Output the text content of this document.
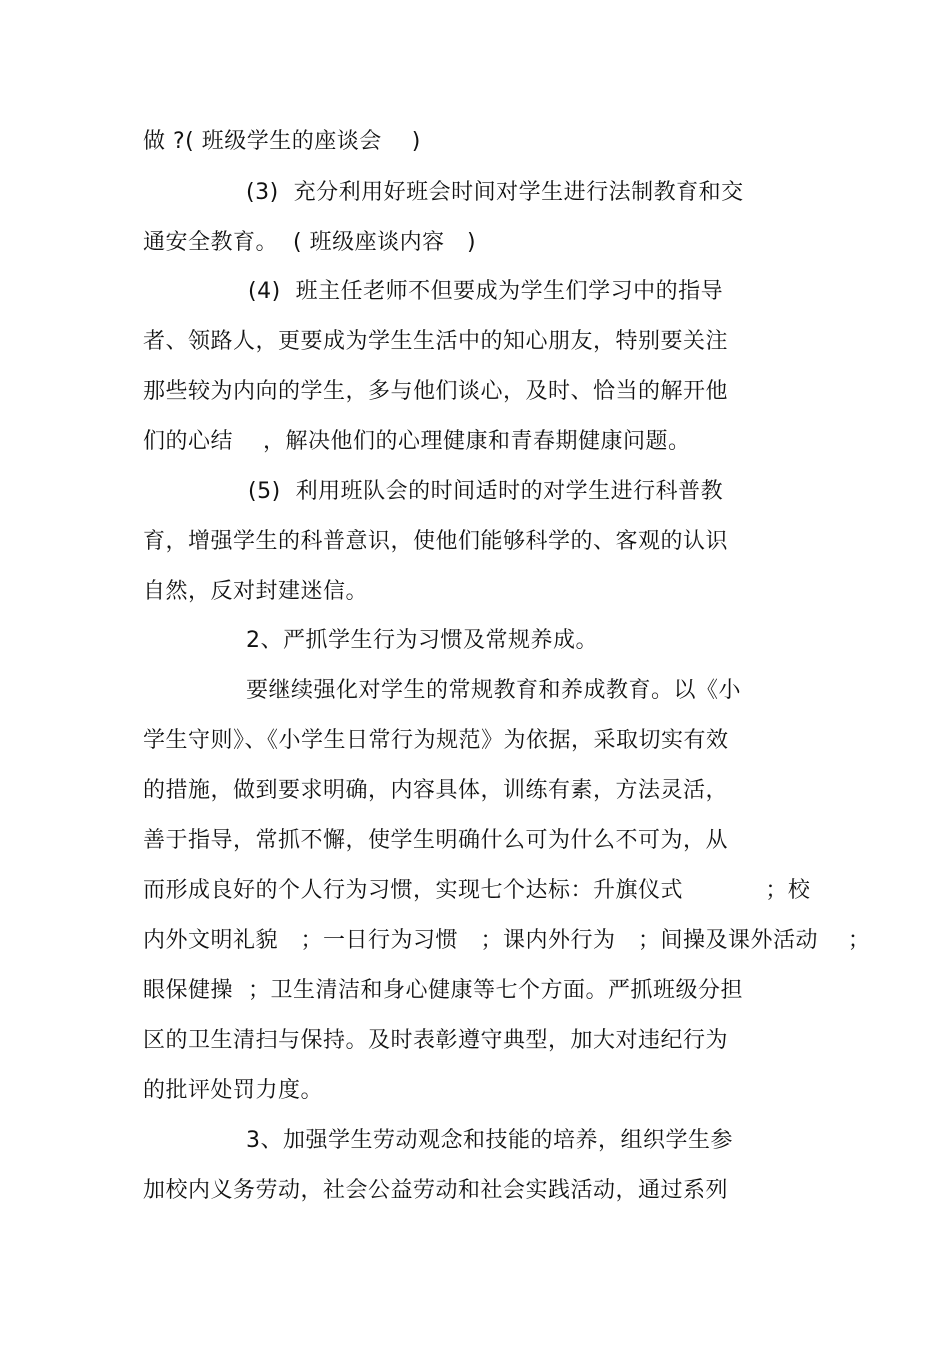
做 ?( 班级学生的座谈会    )
(3)  充分利用好班会时间对学生进行法制教育和交
通安全教育。  ( 班级座谈内容   )
(4)  班主任老师不但要成为学生们学习中的指导
者、领路人，更要成为学生生活中的知心朋友，特别要关注
那些较为内向的学生，多与他们谈心，及时、恰当的解开他
们的心结    ，解决他们的心理健康和青春期健康问题。
(5)  利用班队会的时间适时的对学生进行科普教
育，增强学生的科普意识，使他们能够科学的、客观的认识
自然，反对封建迷信。
2、严抓学生行为习惯及常规养成。
要继续强化对学生的常规教育和养成教育。以《小
学生守则》、《小学生日常行为规范》为依据，采取切实有效
的措施，做到要求明确，内容具体，训练有素，方法灵活，
善于指导，常抓不懈，使学生明确什么可为什么不可为，从
而形成良好的个人行为习惯，实现七个达标：升旗仪式           ；校
内外文明礼貌   ；一日行为习惯   ；课内外行为   ；间操及课外活动    ；
眼保健操  ；卫生清洁和身心健康等七个方面。严抓班级分担
区的卫生清扫与保持。及时表彰遵守典型，加大对违纪行为
的批评处罚力度。
3、加强学生劳动观念和技能的培养，组织学生参
加校内义务劳动，社会公益劳动和社会实践活动，通过系列
